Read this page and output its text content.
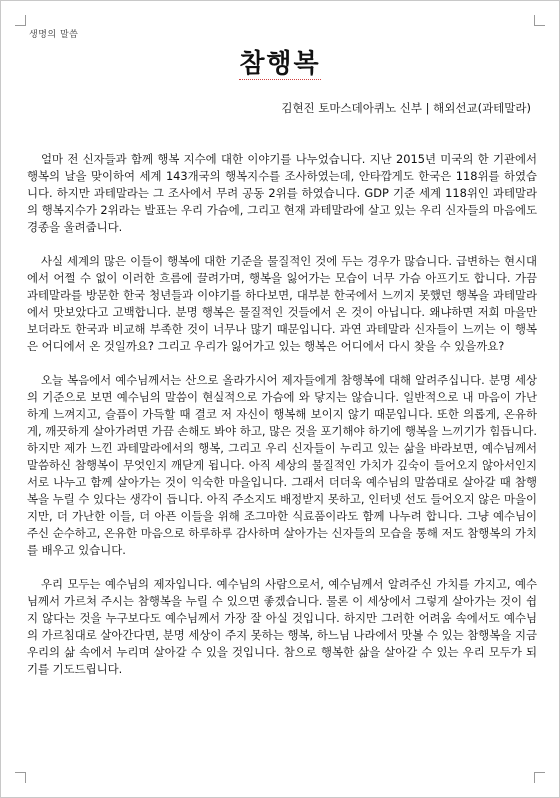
생명의 말씀
참행복
김현진 토마스데아퀴노 신부 | 해외선교(과테말라)

얼마 전 신자들과 함께 행복 지수에 대한 이야기를 나누었습니다. 지난 2015년 미국의 한 기관에서 행복의 날을 맞이하여 세계 143개국의 행복지수를 조사하였는데, 안타깝게도 한국은 118위를 하였습니다. 하지만 과테말라는 그 조사에서 무려 공동 2위를 하였습니다. GDP 기준 세계 118위인 과테말라의 행복지수가 2위라는 발표는 우리 가슴에, 그리고 현재 과테말라에 살고 있는 우리 신자들의 마음에도 경종을 울려줍니다.

사실 세계의 많은 이들이 행복에 대한 기준을 물질적인 것에 두는 경우가 많습니다. 급변하는 현시대에서 어쩔 수 없이 이러한 흐름에 끌려가며, 행복을 잃어가는 모습이 너무 가슴 아프기도 합니다. 가끔 과테말라를 방문한 한국 청년들과 이야기를 하다보면, 대부분 한국에서 느끼지 못했던 행복을 과테말라에서 맛보았다고 고백합니다. 분명 행복은 물질적인 것들에서 온 것이 아닙니다. 왜냐하면 저희 마을만 보더라도 한국과 비교해 부족한 것이 너무나 많기 때문입니다. 과연 과테말라 신자들이 느끼는 이 행복은 어디에서 온 것일까요? 그리고 우리가 잃어가고 있는 행복은 어디에서 다시 찾을 수 있을까요?

오늘 복음에서 예수님께서는 산으로 올라가시어 제자들에게 참행복에 대해 알려주십니다. 분명 세상의 기준으로 보면 예수님의 말씀이 현실적으로 가슴에 와 닿지는 않습니다. 일반적으로 내 마음이 가난하게 느껴지고, 슬픔이 가득할 때 결코 저 자신이 행복해 보이지 않기 때문입니다. 또한 의롭게, 온유하게, 깨끗하게 살아가려면 가끔 손해도 봐야 하고, 많은 것을 포기해야 하기에 행복을 느끼기가 힘듭니다. 하지만 제가 느낀 과테말라에서의 행복, 그리고 우리 신자들이 누리고 있는 삶을 바라보면, 예수님께서 말씀하신 참행복이 무엇인지 깨닫게 됩니다. 아직 세상의 물질적인 가치가 깊숙이 들어오지 않아서인지 서로 나누고 함께 살아가는 것이 익숙한 마을입니다. 그래서 더더욱 예수님의 말씀대로 살아갈 때 참행복을 누릴 수 있다는 생각이 듭니다. 아직 주소지도 배정받지 못하고, 인터넷 선도 들어오지 않은 마을이지만, 더 가난한 이들, 더 아픈 이들을 위해 조그마한 식료품이라도 함께 나누려 합니다. 그냥 예수님이 주신 순수하고, 온유한 마음으로 하루하루 감사하며 살아가는 신자들의 모습을 통해 저도 참행복의 가치를 배우고 있습니다.

우리 모두는 예수님의 제자입니다. 예수님의 사람으로서, 예수님께서 알려주신 가치를 가지고, 예수님께서 가르쳐 주시는 참행복을 누릴 수 있으면 좋겠습니다. 물론 이 세상에서 그렇게 살아가는 것이 쉽지 않다는 것을 누구보다도 예수님께서 가장 잘 아실 것입니다. 하지만 그러한 어려움 속에서도 예수님의 가르침대로 살아간다면, 분명 세상이 주지 못하는 행복, 하느님 나라에서 맛볼 수 있는 참행복을 지금 우리의 삶 속에서 누리며 살아갈 수 있을 것입니다. 참으로 행복한 삶을 살아갈 수 있는 우리 모두가 되기를 기도드립니다.
